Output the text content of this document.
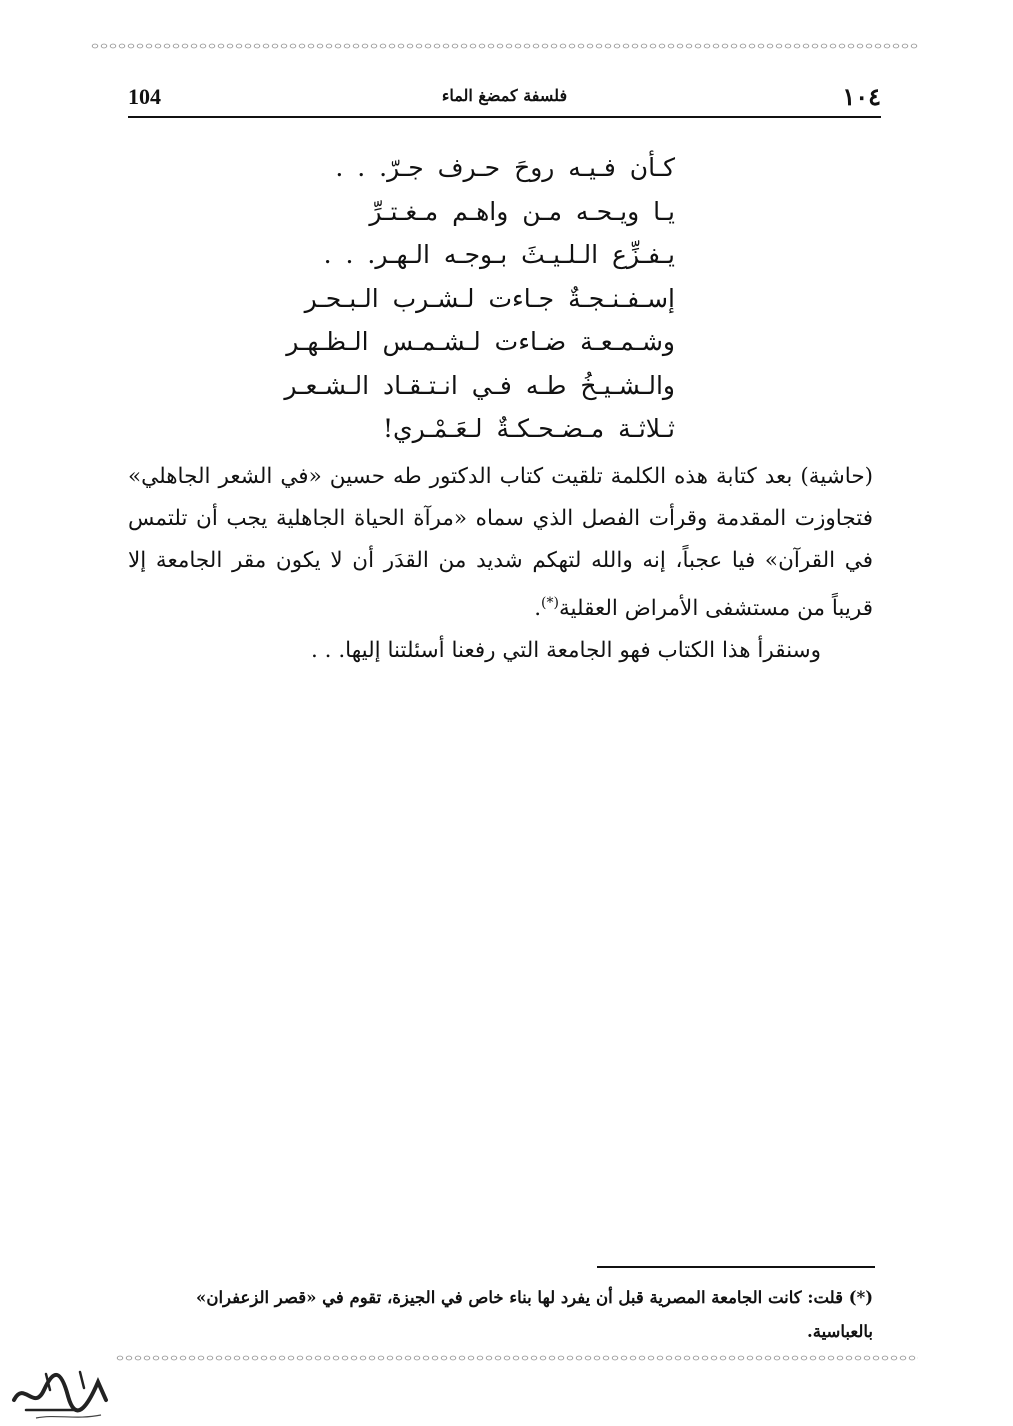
104	فلسفة كمضغ الماء	١٠٤
كـأن فـيـه روحَ حـرف جـرّ. . .
يـا ويـحـه مـن واهـم مـغـتـرِّ
يـفـزِّع الـلـيـثَ بـوجـه الـهـر. . .
إسـفـنـجـةٌ جـاءت لـشـرب الـبـحـر
وشـمـعـة ضـاءت لـشـمـس الـظـهـر
والـشـيـخُ طـه فـي انـتـقـاد الـشـعـر
ثـلاثـة مـضـحـكـةٌ لـعَـمْـري!

(حاشية) بعد كتابة هذه الكلمة تلقيت كتاب الدكتور طه حسين «في الشعر الجاهلي» فتجاوزت المقدمة وقرأت الفصل الذي سماه «مرآة الحياة الجاهلية يجب أن تلتمس في القرآن» فيا عجباً، إنه والله لتهكم شديد من القدَر أن لا يكون مقر الجامعة إلا قريباً من مستشفى الأمراض العقلية(*).

وسنقرأ هذا الكتاب فهو الجامعة التي رفعنا أسئلتنا إليها. . .

(*) قلت: كانت الجامعة المصرية قبل أن يفرد لها بناء خاص في الجيزة، تقوم في «قصر الزعفران» بالعباسية.
